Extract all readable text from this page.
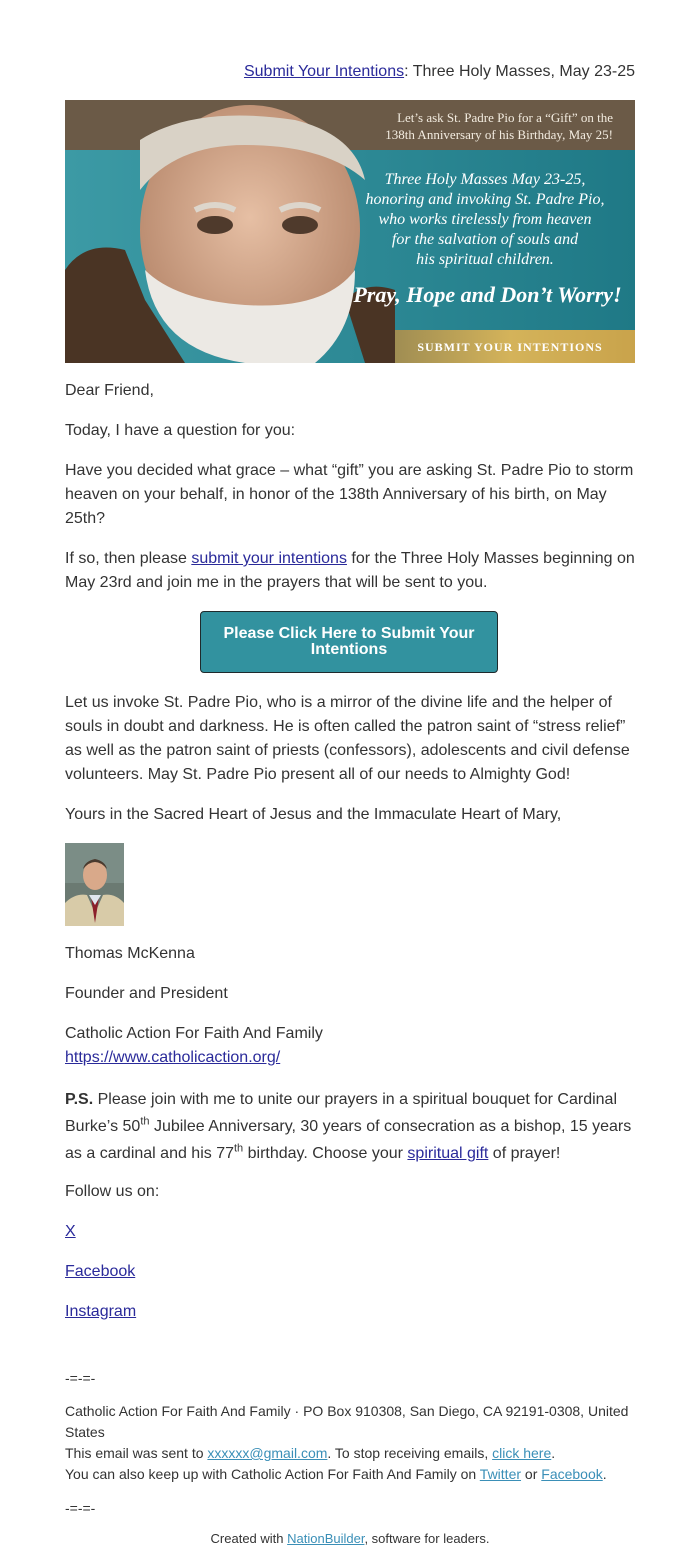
Submit Your Intentions: Three Holy Masses, May 23-25
Let’s ask St. Padre Pio for a “Gift” on the
138th Anniversary of his Birthday, May 25!
Three Holy Masses May 23-25,
honoring and invoking St. Padre Pio,
who works tirelessly from heaven
for the salvation of souls and
his spiritual children.
Pray, Hope and Don’t Worry!
SUBMIT YOUR INTENTIONS

Dear Friend,

Today, I have a question for you:

Have you decided what grace – what “gift” you are asking St. Padre Pio to storm heaven on your behalf, in honor of the 138th Anniversary of his birth, on May 25th?

If so, then please submit your intentions for the Three Holy Masses beginning on May 23rd and join me in the prayers that will be sent to you.

Please Click Here to Submit Your Intentions

Let us invoke St. Padre Pio, who is a mirror of the divine life and the helper of souls in doubt and darkness. He is often called the patron saint of “stress relief” as well as the patron saint of priests (confessors), adolescents and civil defense volunteers. May St. Padre Pio present all of our needs to Almighty God!

Yours in the Sacred Heart of Jesus and the Immaculate Heart of Mary,

Thomas McKenna

Founder and President

Catholic Action For Faith And Family

https://www.catholicaction.org/

P.S. Please join with me to unite our prayers in a spiritual bouquet for Cardinal Burke’s 50th Jubilee Anniversary, 30 years of consecration as a bishop, 15 years as a cardinal and his 77th birthday. Choose your spiritual gift of prayer!

Follow us on:

X

Facebook

Instagram

-=-=-
Catholic Action For Faith And Family · PO Box 910308, San Diego, CA 92191-0308, United States
This email was sent to xxxxxx@gmail.com. To stop receiving emails, click here.
You can also keep up with Catholic Action For Faith And Family on Twitter or Facebook.
-=-=-
Created with NationBuilder, software for leaders.
